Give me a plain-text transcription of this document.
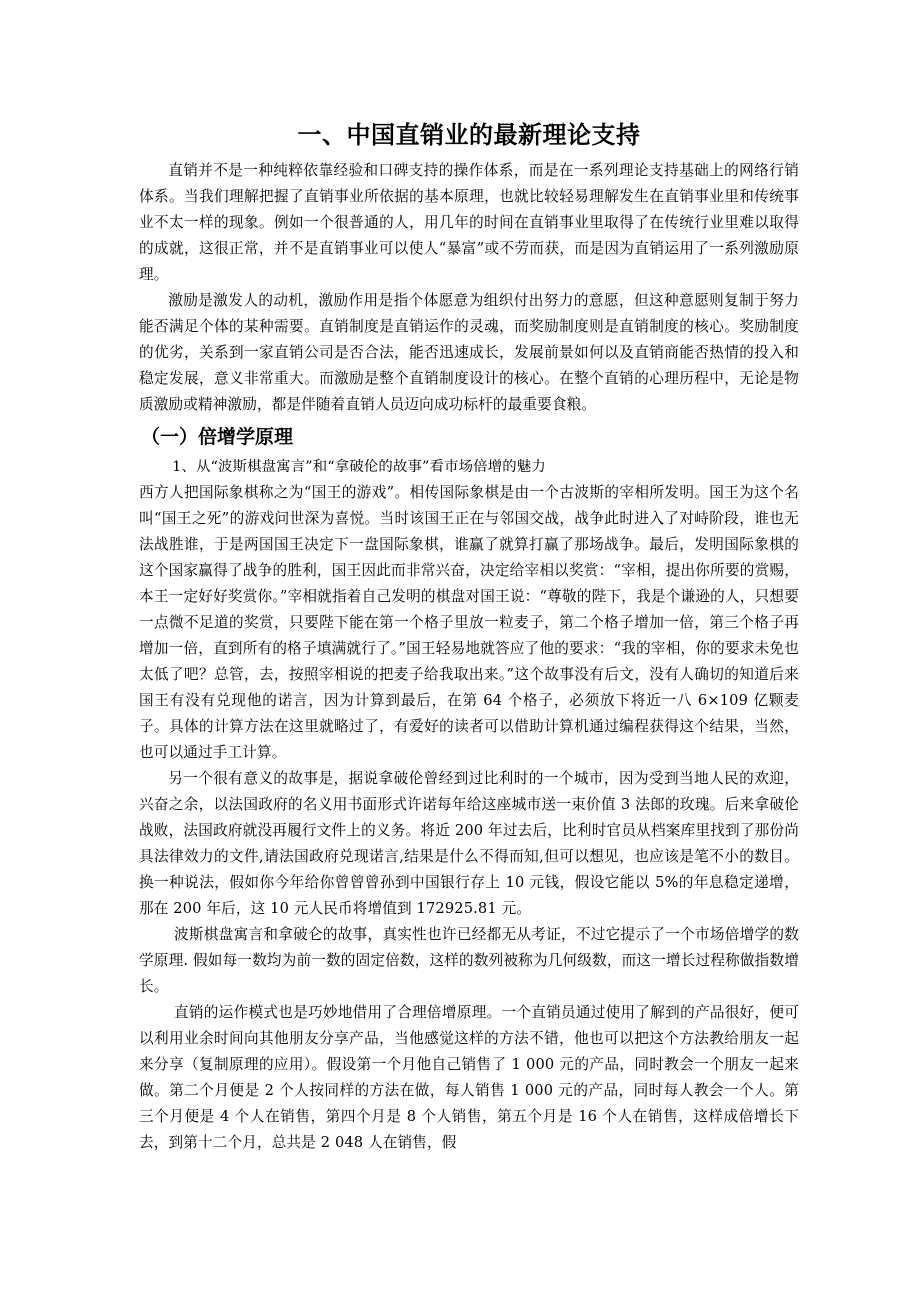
一、中国直销业的最新理论支持

直销并不是一种纯粹依靠经验和口碑支持的操作体系，而是在一系列理论支持基础上的网络行销体系。当我们理解把握了直销事业所依据的基本原理，也就比较轻易理解发生在直销事业里和传统事业不太一样的现象。例如一个很普通的人，用几年的时间在直销事业里取得了在传统行业里难以取得的成就，这很正常，并不是直销事业可以使人“暴富”或不劳而获，而是因为直销运用了一系列激励原理。

激励是激发人的动机，激励作用是指个体愿意为组织付出努力的意愿，但这种意愿则复制于努力能否满足个体的某种需要。直销制度是直销运作的灵魂，而奖励制度则是直销制度的核心。奖励制度的优劣，关系到一家直销公司是否合法，能否迅速成长，发展前景如何以及直销商能否热情的投入和稳定发展，意义非常重大。而激励是整个直销制度设计的核心。在整个直销的心理历程中，无论是物质激励或精神激励，都是伴随着直销人员迈向成功标杆的最重要食粮。

（一）倍增学原理

1、从“波斯棋盘寓言”和“拿破伦的故事”看市场倍增的魅力

西方人把国际象棋称之为“国王的游戏”。相传国际象棋是由一个古波斯的宰相所发明。国王为这个名叫“国王之死”的游戏问世深为喜悦。当时该国王正在与邻国交战，战争此时进入了对峙阶段，谁也无法战胜谁，于是两国国王决定下一盘国际象棋，谁赢了就算打赢了那场战争。最后，发明国际象棋的这个国家赢得了战争的胜利，国王因此而非常兴奋，决定给宰相以奖赏：“宰相，提出你所要的赏赐，本王一定好好奖赏你。”宰相就指着自己发明的棋盘对国王说：“尊敬的陛下，我是个谦逊的人，只想要一点微不足道的奖赏，只要陛下能在第一个格子里放一粒麦子，第二个格子增加一倍，第三个格子再增加一倍，直到所有的格子填满就行了。”国王轻易地就答应了他的要求：“我的宰相，你的要求未免也太低了吧？总管，去，按照宰相说的把麦子给我取出来。”这个故事没有后文，没有人确切的知道后来国王有没有兑现他的诺言，因为计算到最后，在第 64 个格子，必须放下将近一八 6×109 亿颗麦子。具体的计算方法在这里就略过了，有爱好的读者可以借助计算机通过编程获得这个结果，当然，也可以通过手工计算。

另一个很有意义的故事是，据说拿破伦曾经到过比利时的一个城市，因为受到当地人民的欢迎，兴奋之余，以法国政府的名义用书面形式许诺每年给这座城市送一束价值 3 法郎的玫瑰。后来拿破伦战败，法国政府就没再履行文件上的义务。将近 200 年过去后，比利时官员从档案库里找到了那份尚具法律效力的文件,请法国政府兑现诺言,结果是什么不得而知,但可以想见，也应该是笔不小的数目。换一种说法，假如你今年给你曾曾曾孙到中国银行存上 10 元钱，假设它能以 5%的年息稳定递增，那在 200 年后，这 10 元人民币将增值到 172925.81 元。

波斯棋盘寓言和拿破仑的故事，真实性也许已经都无从考证，不过它提示了一个市场倍增学的数学原理. 假如每一数均为前一数的固定倍数，这样的数列被称为几何级数，而这一增长过程称做指数增长。

直销的运作模式也是巧妙地借用了合理倍增原理。一个直销员通过使用了解到的产品很好，便可以利用业余时间向其他朋友分享产品，当他感觉这样的方法不错，他也可以把这个方法教给朋友一起来分享（复制原理的应用）。假设第一个月他自己销售了 1 000 元的产品，同时教会一个朋友一起来做。第二个月便是 2 个人按同样的方法在做，每人销售 1 000 元的产品，同时每人教会一个人。第三个月便是 4 个人在销售，第四个月是 8 个人销售，第五个月是 16 个人在销售，这样成倍增长下去，到第十二个月，总共是 2 048 人在销售，假
